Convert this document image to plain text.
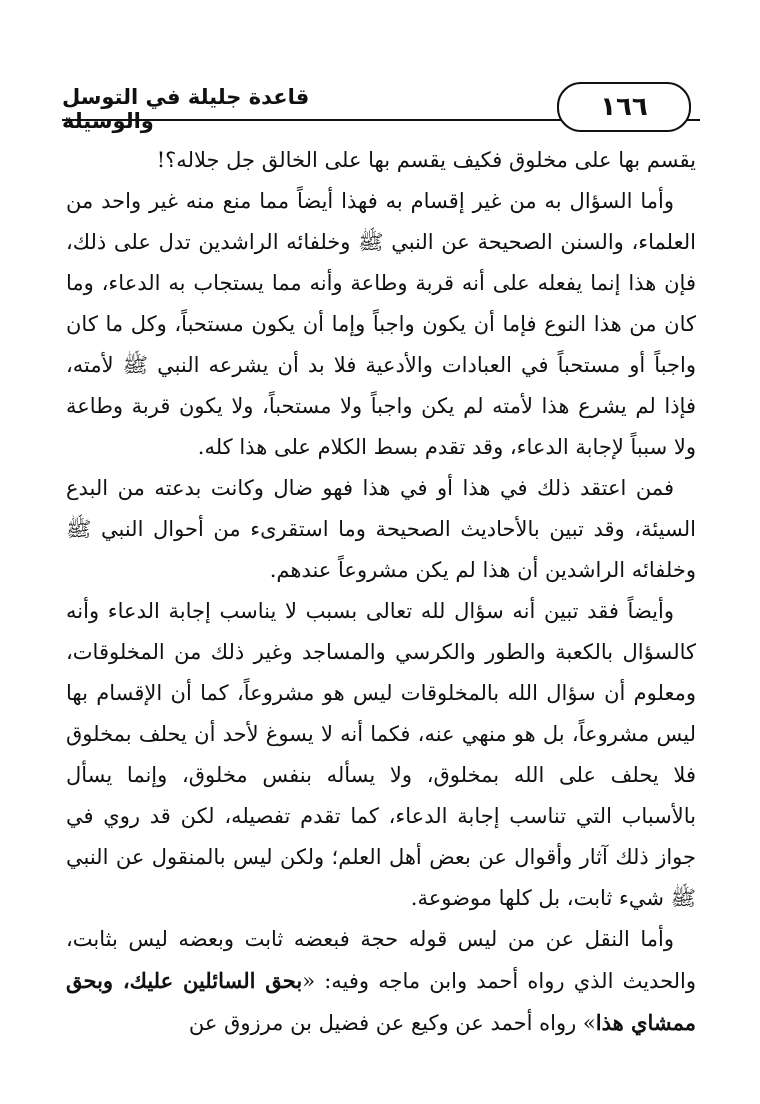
قاعدة جليلة في التوسل والوسيلة	١٦٦

يقسم بها على مخلوق فكيف يقسم بها على الخالق جل جلاله؟!

وأما السؤال به من غير إقسام به فهذا أيضاً مما منع منه غير واحد من العلماء، والسنن الصحيحة عن النبي ﷺ وخلفائه الراشدين تدل على ذلك، فإن هذا إنما يفعله على أنه قربة وطاعة وأنه مما يستجاب به الدعاء، وما كان من هذا النوع فإما أن يكون واجباً وإما أن يكون مستحباً، وكل ما كان واجباً أو مستحباً في العبادات والأدعية فلا بد أن يشرعه النبي ﷺ لأمته، فإذا لم يشرع هذا لأمته لم يكن واجباً ولا مستحباً، ولا يكون قربة وطاعة ولا سبباً لإجابة الدعاء، وقد تقدم بسط الكلام على هذا كله.

فمن اعتقد ذلك في هذا أو في هذا فهو ضال وكانت بدعته من البدع السيئة، وقد تبين بالأحاديث الصحيحة وما استقرىء من أحوال النبي ﷺ وخلفائه الراشدين أن هذا لم يكن مشروعاً عندهم.

وأيضاً فقد تبين أنه سؤال لله تعالى بسبب لا يناسب إجابة الدعاء وأنه كالسؤال بالكعبة والطور والكرسي والمساجد وغير ذلك من المخلوقات، ومعلوم أن سؤال الله بالمخلوقات ليس هو مشروعاً، كما أن الإقسام بها ليس مشروعاً، بل هو منهي عنه، فكما أنه لا يسوغ لأحد أن يحلف بمخلوق فلا يحلف على الله بمخلوق، ولا يسأله بنفس مخلوق، وإنما يسأل بالأسباب التي تناسب إجابة الدعاء، كما تقدم تفصيله، لكن قد روي في جواز ذلك آثار وأقوال عن بعض أهل العلم؛ ولكن ليس بالمنقول عن النبي ﷺ شيء ثابت، بل كلها موضوعة.

وأما النقل عن من ليس قوله حجة فبعضه ثابت وبعضه ليس بثابت، والحديث الذي رواه أحمد وابن ماجه وفيه: «بحق السائلين عليك، وبحق ممشاي هذا» رواه أحمد عن وكيع عن فضيل بن مرزوق عن
